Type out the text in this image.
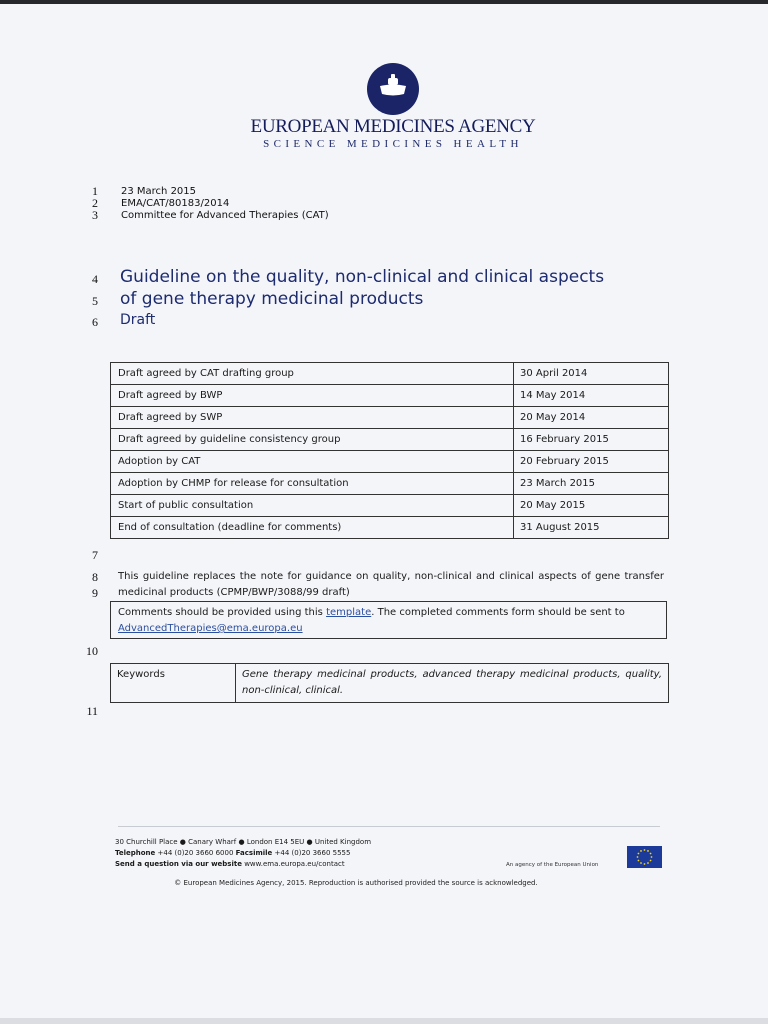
EUROPEAN MEDICINES AGENCY
SCIENCE MEDICINES HEALTH
1
2
3
4
5
6
7
8
9
10
11
23 March 2015
EMA/CAT/80183/2014
Committee for Advanced Therapies (CAT)
Guideline on the quality, non-clinical and clinical aspects
of gene therapy medicinal products
Draft
Draft agreed by CAT drafting group	30 April 2014
Draft agreed by BWP	14 May 2014
Draft agreed by SWP	20 May 2014
Draft agreed by guideline consistency group	16 February 2015
Adoption by CAT	20 February 2015
Adoption by CHMP for release for consultation	23 March 2015
Start of public consultation	20 May 2015
End of consultation (deadline for comments)	31 August 2015
This guideline replaces the note for guidance on quality, non-clinical and clinical aspects of gene transfer medicinal products (CPMP/BWP/3088/99 draft)
Comments should be provided using this template. The completed comments form should be sent to AdvancedTherapies@ema.europa.eu
Keywords	Gene therapy medicinal products, advanced therapy medicinal products, quality, non-clinical, clinical.
30 Churchill Place ● Canary Wharf ● London E14 5EU ● United Kingdom
Telephone +44 (0)20 3660 6000 Facsimile +44 (0)20 3660 5555
Send a question via our website www.ema.europa.eu/contact	An agency of the European Union
© European Medicines Agency, 2015. Reproduction is authorised provided the source is acknowledged.
